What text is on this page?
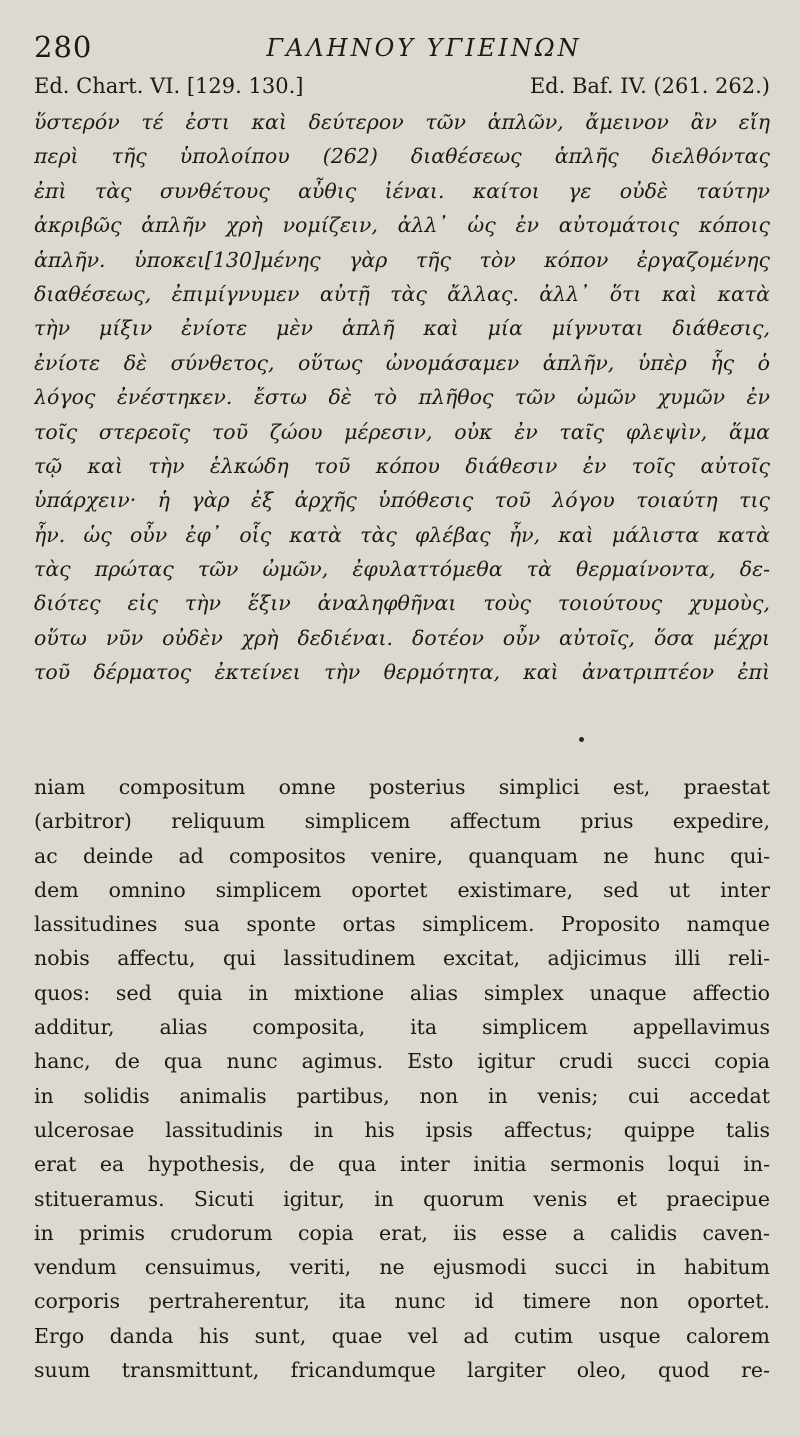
280	ΓΑΛΗΝΟΥ ΥΓΙΕΙΝΩΝ
Ed. Chart. VI. [129. 130.]	Ed. Baf. IV. (261. 262.)
ὕστερόν τέ ἐστι καὶ δεύτερον τῶν ἁπλῶν, ἄμεινον ἂν εἴη
περὶ τῆς ὑπολοίπου (262) διαθέσεως ἁπλῆς διελθόντας
ἐπὶ τὰς συνθέτους αὖθις ἰέναι. καίτοι γε οὐδὲ ταύτην
ἀκριβῶς ἁπλῆν χρὴ νομίζειν, ἀλλ᾽ ὡς ἐν αὐτομάτοις κόποις
ἁπλῆν. ὑποκει[130]μένης γὰρ τῆς τὸν κόπον ἐργαζομένης
διαθέσεως, ἐπιμίγνυμεν αὐτῇ τὰς ἄλλας. ἀλλ᾽ ὅτι καὶ κατὰ
τὴν μίξιν ἐνίοτε μὲν ἁπλῆ καὶ μία μίγνυται διάθεσις,
ἐνίοτε δὲ σύνθετος, οὕτως ὠνομάσαμεν ἁπλῆν, ὑπὲρ ἧς ὁ
λόγος ἐνέστηκεν. ἔστω δὲ τὸ πλῆθος τῶν ὠμῶν χυμῶν ἐν
τοῖς στερεοῖς τοῦ ζώου μέρεσιν, οὐκ ἐν ταῖς φλεψὶν, ἅμα
τῷ καὶ τὴν ἑλκώδη τοῦ κόπου διάθεσιν ἐν τοῖς αὐτοῖς
ὑπάρχειν· ἡ γὰρ ἐξ ἀρχῆς ὑπόθεσις τοῦ λόγου τοιαύτη τις
ἦν. ὡς οὖν ἐφ᾽ οἷς κατὰ τὰς φλέβας ἦν, καὶ μάλιστα κατὰ
τὰς πρώτας τῶν ὠμῶν, ἐφυλαττόμεθα τὰ θερμαίνοντα, δε-
διότες εἰς τὴν ἕξιν ἀναληφθῆναι τοὺς τοιούτους χυμοὺς,
οὕτω νῦν οὐδὲν χρὴ δεδιέναι. δοτέον οὖν αὐτοῖς, ὅσα μέχρι
τοῦ δέρματος ἐκτείνει τὴν θερμότητα, καὶ ἀνατριπτέον ἐπὶ
niam compositum omne posterius simplici est, praestat
(arbitror) reliquum simplicem affectum prius expedire,
ac deinde ad compositos venire, quanquam ne hunc qui-
dem omnino simplicem oportet existimare, sed ut inter
lassitudines sua sponte ortas simplicem. Proposito namque
nobis affectu, qui lassitudinem excitat, adjicimus illi reli-
quos: sed quia in mixtione alias simplex unaque affectio
additur, alias composita, ita simplicem appellavimus
hanc, de qua nunc agimus. Esto igitur crudi succi copia
in solidis animalis partibus, non in venis; cui accedat
ulcerosae lassitudinis in his ipsis affectus; quippe talis
erat ea hypothesis, de qua inter initia sermonis loqui in-
stitueramus. Sicuti igitur, in quorum venis et praecipue
in primis crudorum copia erat, iis esse a calidis caven-
vendum censuimus, veriti, ne ejusmodi succi in habitum
corporis pertraherentur, ita nunc id timere non oportet.
Ergo danda his sunt, quae vel ad cutim usque calorem
suum transmittunt, fricandumque largiter oleo, quod re-
